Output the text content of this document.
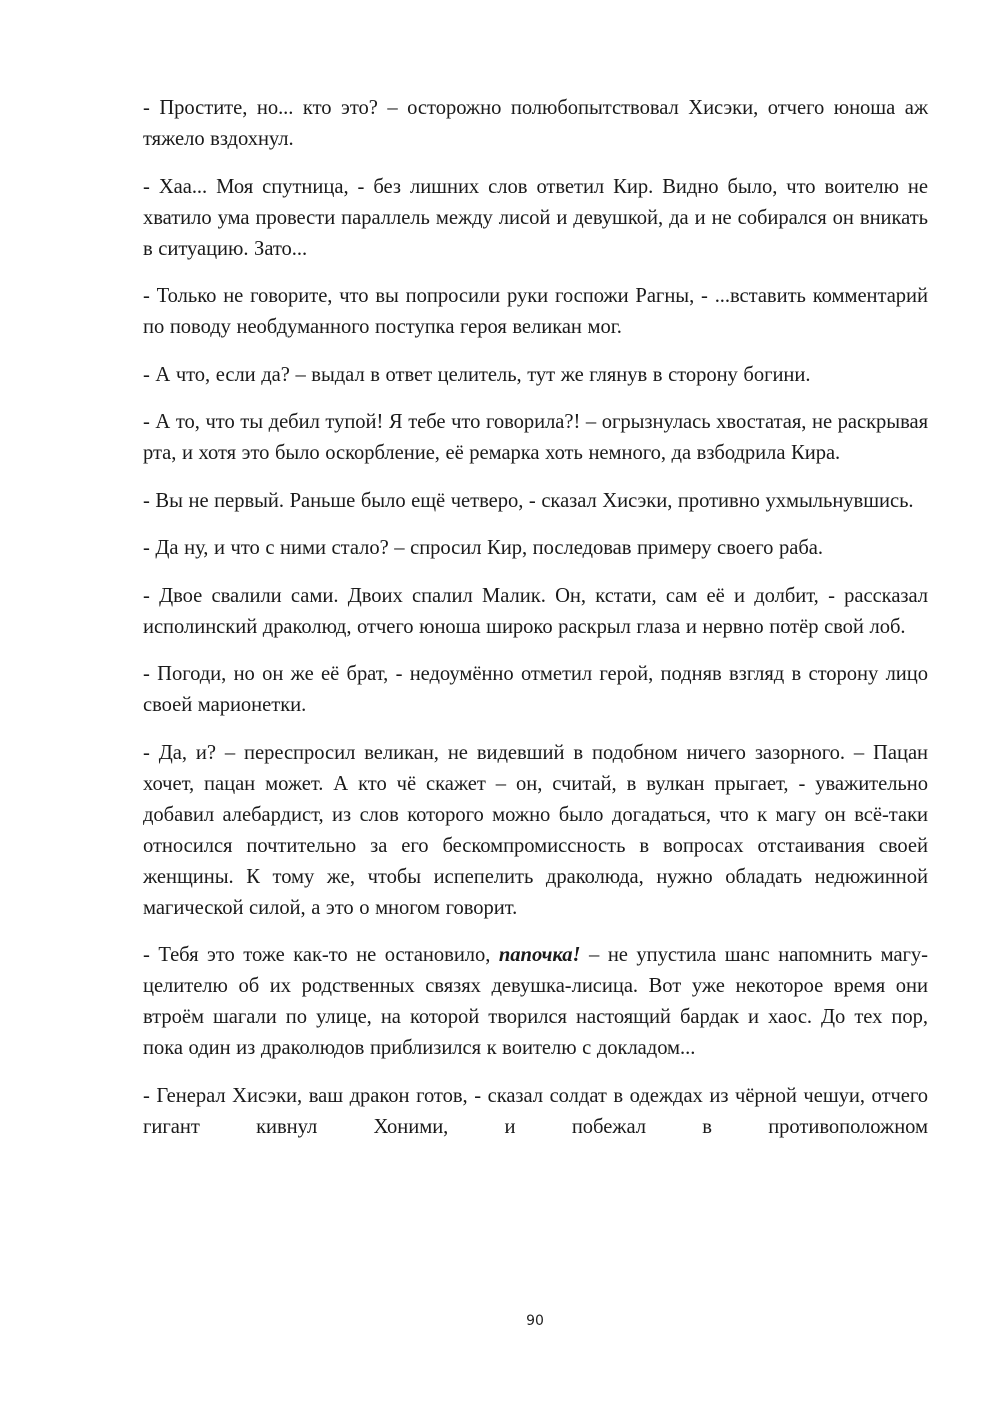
- Простите, но... кто это? – осторожно полюбопытствовал Хисэки, отчего юноша аж тяжело вздохнул.

- Хаа... Моя спутница, - без лишних слов ответил Кир. Видно было, что воителю не хватило ума провести параллель между лисой и девушкой, да и не собирался он вникать в ситуацию. Зато...

- Только не говорите, что вы попросили руки госпожи Рагны, - ...вставить комментарий по поводу необдуманного поступка героя великан мог.

- А что, если да? – выдал в ответ целитель, тут же глянув в сторону богини.

- А то, что ты дебил тупой! Я тебе что говорила?! – огрызнулась хвостатая, не раскрывая рта, и хотя это было оскорбление, её ремарка хоть немного, да взбодрила Кира.

- Вы не первый. Раньше было ещё четверо, - сказал Хисэки, противно ухмыльнувшись.

- Да ну, и что с ними стало? – спросил Кир, последовав примеру своего раба.

- Двое свалили сами. Двоих спалил Малик. Он, кстати, сам её и долбит, - рассказал исполинский драколюд, отчего юноша широко раскрыл глаза и нервно потёр свой лоб.

- Погоди, но он же её брат, - недоумённо отметил герой, подняв взгляд в сторону лицо своей марионетки.

- Да, и? – переспросил великан, не видевший в подобном ничего зазорного. – Пацан хочет, пацан может. А кто чё скажет – он, считай, в вулкан прыгает, - уважительно добавил алебардист, из слов которого можно было догадаться, что к магу он всё-таки относился почтительно за его бескомпромиссность в вопросах отстаивания своей женщины. К тому же, чтобы испепелить драколюда, нужно обладать недюжинной магической силой, а это о многом говорит.

- Тебя это тоже как-то не остановило, папочка! – не упустила шанс напомнить магу-целителю об их родственных связях девушка-лисица. Вот уже некоторое время они втроём шагали по улице, на которой творился настоящий бардак и хаос. До тех пор, пока один из драколюдов приблизился к воителю с докладом...

- Генерал Хисэки, ваш дракон готов, - сказал солдат в одеждах из чёрной чешуи, отчего гигант кивнул Хоними, и побежал в противоположном

90
